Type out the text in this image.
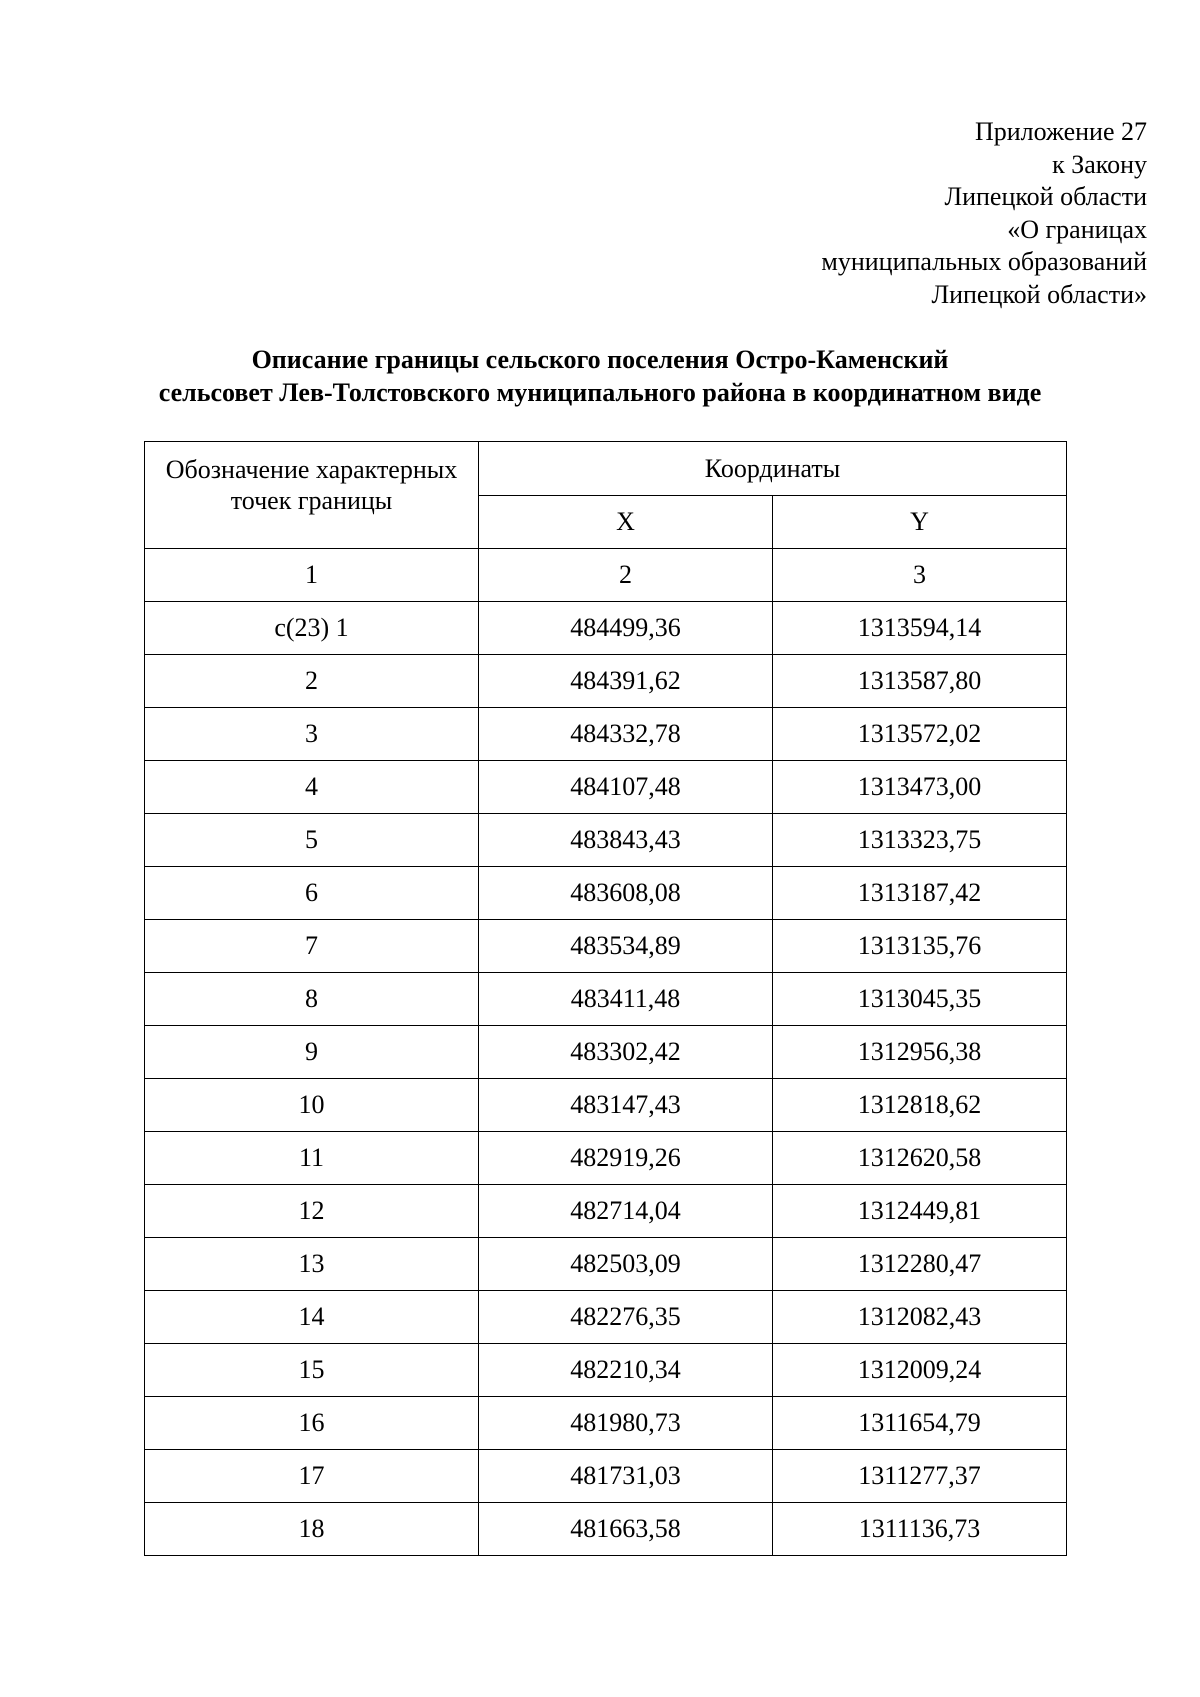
Приложение 27
к Закону
Липецкой области
«О границах
муниципальных образований
Липецкой области»
Описание границы сельского поселения Остро-Каменский
сельсовет Лев-Толстовского муниципального района в координатном виде
Обозначение характерных
точек границы	Координаты	
	X	Y
1	2	3
с(23) 1	484499,36	1313594,14
2	484391,62	1313587,80
3	484332,78	1313572,02
4	484107,48	1313473,00
5	483843,43	1313323,75
6	483608,08	1313187,42
7	483534,89	1313135,76
8	483411,48	1313045,35
9	483302,42	1312956,38
10	483147,43	1312818,62
11	482919,26	1312620,58
12	482714,04	1312449,81
13	482503,09	1312280,47
14	482276,35	1312082,43
15	482210,34	1312009,24
16	481980,73	1311654,79
17	481731,03	1311277,37
18	481663,58	1311136,73
